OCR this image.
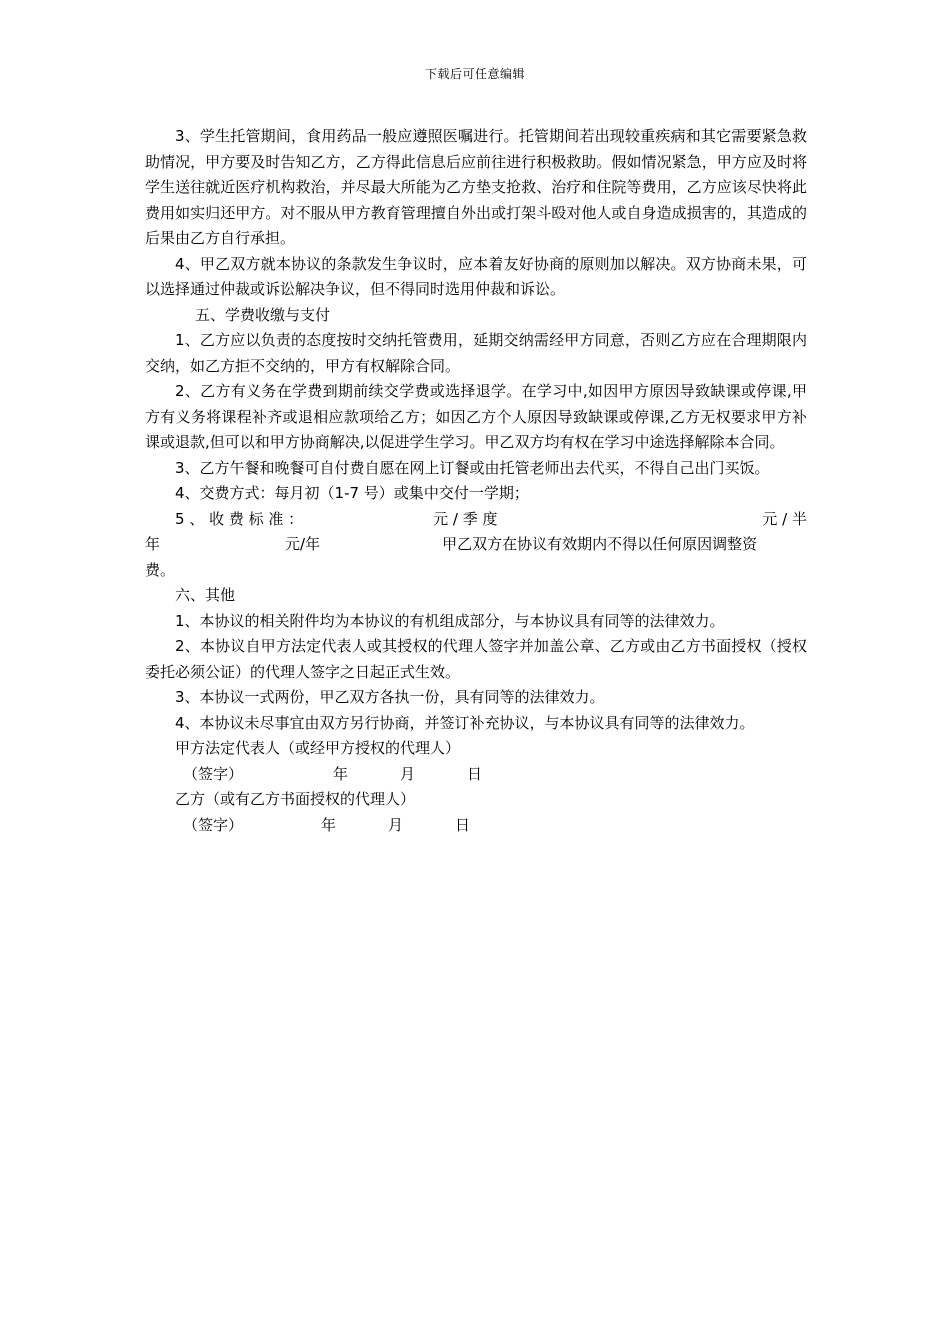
下载后可任意编辑

3、学生托管期间，食用药品一般应遵照医嘱进行。托管期间若出现较重疾病和其它需要紧急救助情况，甲方要及时告知乙方，乙方得此信息后应前往进行积极救助。假如情况紧急，甲方应及时将学生送往就近医疗机构救治，并尽最大所能为乙方垫支抢救、治疗和住院等费用，乙方应该尽快将此费用如实归还甲方。对不服从甲方教育管理擅自外出或打架斗殴对他人或自身造成损害的，其造成的后果由乙方自行承担。

4、甲乙双方就本协议的条款发生争议时，应本着友好协商的原则加以解决。双方协商未果，可以选择通过仲裁或诉讼解决争议，但不得同时选用仲裁和诉讼。

五、学费收缴与支付

1、乙方应以负责的态度按时交纳托管费用，延期交纳需经甲方同意，否则乙方应在合理期限内交纳，如乙方拒不交纳的，甲方有权解除合同。

2、乙方有义务在学费到期前续交学费或选择退学。在学习中,如因甲方原因导致缺课或停课,甲方有义务将课程补齐或退相应款项给乙方；如因乙方个人原因导致缺课或停课,乙方无权要求甲方补课或退款,但可以和甲方协商解决,以促进学生学习。甲乙双方均有权在学习中途选择解除本合同。

3、乙方午餐和晚餐可自付费自愿在网上订餐或由托管老师出去代买，不得自己出门买饭。

4、交费方式：每月初（1-7 号）或集中交付一学期；

5 、 收 费 标 准 ：	元 / 季 度	元 / 半
年	元/年	甲乙双方在协议有效期内不得以任何原因调整资

费。

六、其他

1、本协议的相关附件均为本协议的有机组成部分，与本协议具有同等的法律效力。

2、本协议自甲方法定代表人或其授权的代理人签字并加盖公章、乙方或由乙方书面授权（授权委托必须公证）的代理人签字之日起正式生效。

3、本协议一式两份，甲乙双方各执一份，具有同等的法律效力。

4、本协议未尽事宜由双方另行协商，并签订补充协议，与本协议具有同等的法律效力。

甲方法定代表人（或经甲方授权的代理人）

（签字）	年	月	日

乙方（或有乙方书面授权的代理人）

（签字）	年	月	日
